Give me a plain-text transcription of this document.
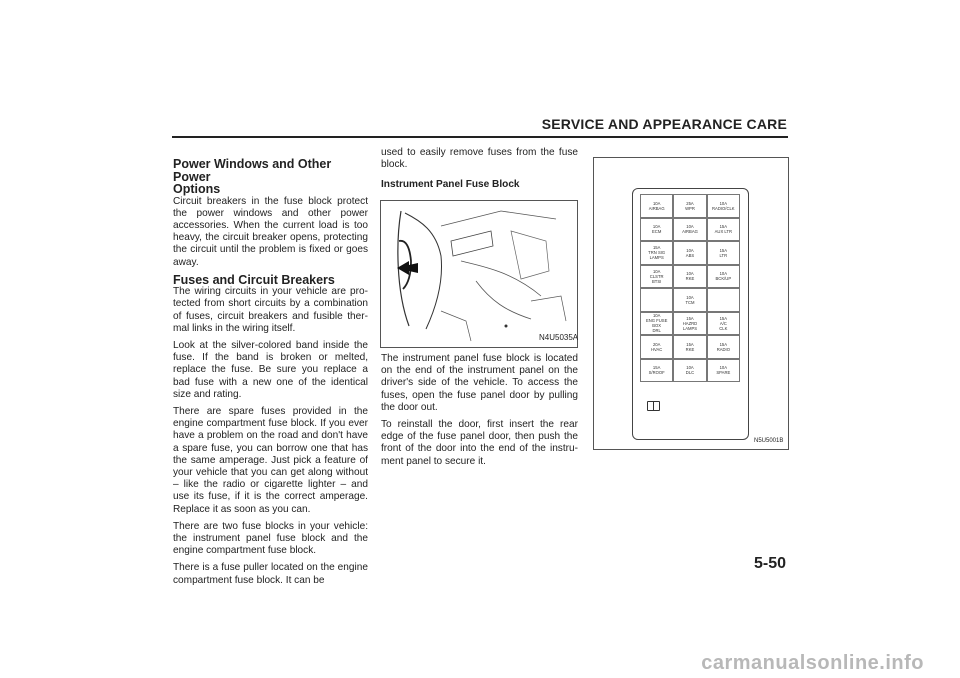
SERVICE AND APPEARANCE CARE

Power Windows and Other Power

Options

Circuit breakers in the fuse block protect the power windows and other power accessories. When the current load is too heavy, the circuit breaker opens, protecting the circuit until the problem is fixed or goes away.

Fuses and Circuit Breakers

The wiring circuits in your vehicle are pro-tected from short circuits by a combination of fuses, circuit breakers and fusible ther-mal links in the wiring itself.

Look at the silver-colored band inside the fuse. If the band is broken or melted, replace the fuse. Be sure you replace a bad fuse with a new one of the identical size and rating.

There are spare fuses provided in the engine compartment fuse block. If you ever have a problem on the road and don't have a spare fuse, you can borrow one that has the same amperage. Just pick a feature of your vehicle that you can get along without – like the radio or cigarette lighter – and use its fuse, if it is the correct amperage. Replace it as soon as you can.

There are two fuse blocks in your vehicle: the instrument panel fuse block and the engine compartment fuse block.

There is a fuse puller located on the engine compartment fuse block. It can be

used to easily remove fuses from the fuse block.

Instrument Panel Fuse Block

The instrument panel fuse block is located on the end of the instrument panel on the driver's side of the vehicle. To access the fuses, open the fuse panel door by pulling the door out.

To reinstall the door, first insert the rear edge of the fuse panel door, then push the front of the door into the end of the instru-ment panel to secure it.

N4U5035A
10A
AIRBAG
25A
WPR
10A
RADIO/CLK
10A
ECM
10A
AIRBAG
15A
AUX LTR
15A
TRN SIG LAMPS
10A
ABS
15A
LTR
10A
CLSTR
BTSI
10A
RKE
10A
BCK/UP
10A
TCM
10A
ENG FUSE BOX
DRL
15A
HAZRD
LAMPS
15A
A/C
CLK
20A
HVAC
15A
RKE
15A
RADIO
15A
S/ROOF
10A
DLC
10A
SPARE
N5U5001B
5-50
carmanualsonline.info
